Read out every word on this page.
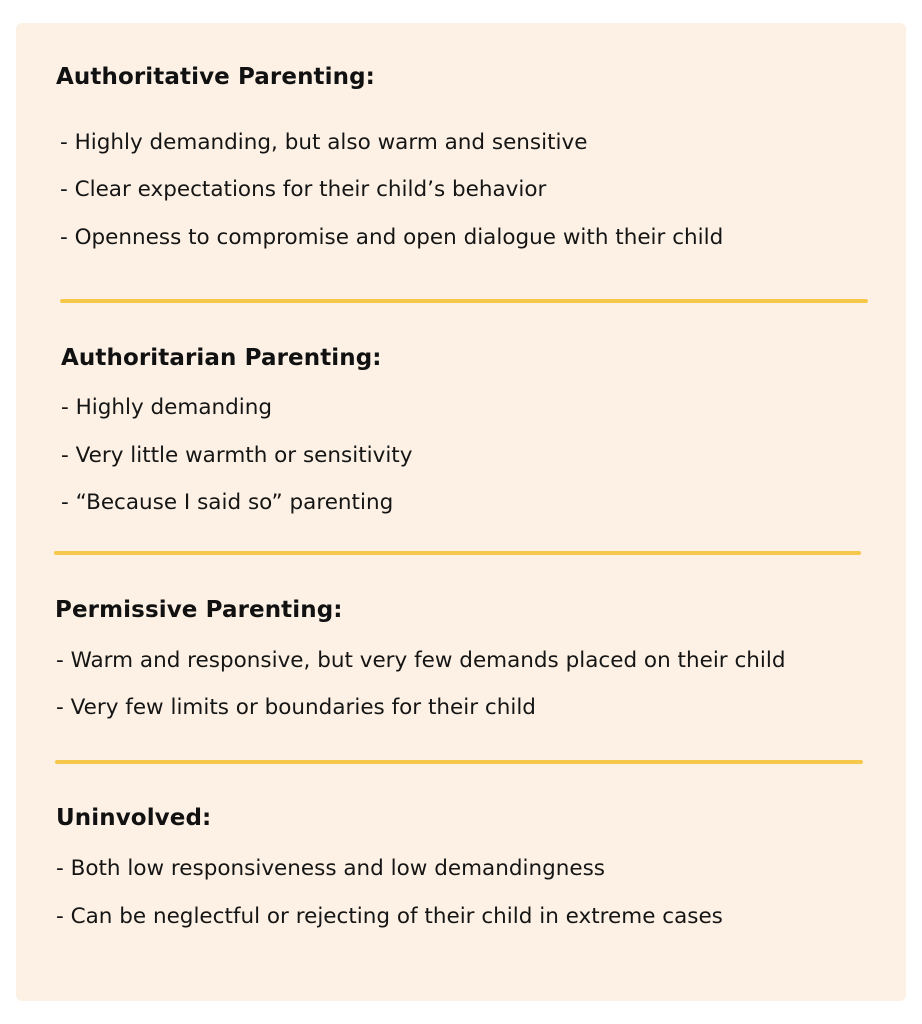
Authoritative Parenting:
- Highly demanding, but also warm and sensitive
- Clear expectations for their child’s behavior
- Openness to compromise and open dialogue with their child
Authoritarian Parenting:
- Highly demanding
- Very little warmth or sensitivity
- “Because I said so” parenting
Permissive Parenting:
- Warm and responsive, but very few demands placed on their child
- Very few limits or boundaries for their child
Uninvolved:
- Both low responsiveness and low demandingness
- Can be neglectful or rejecting of their child in extreme cases
